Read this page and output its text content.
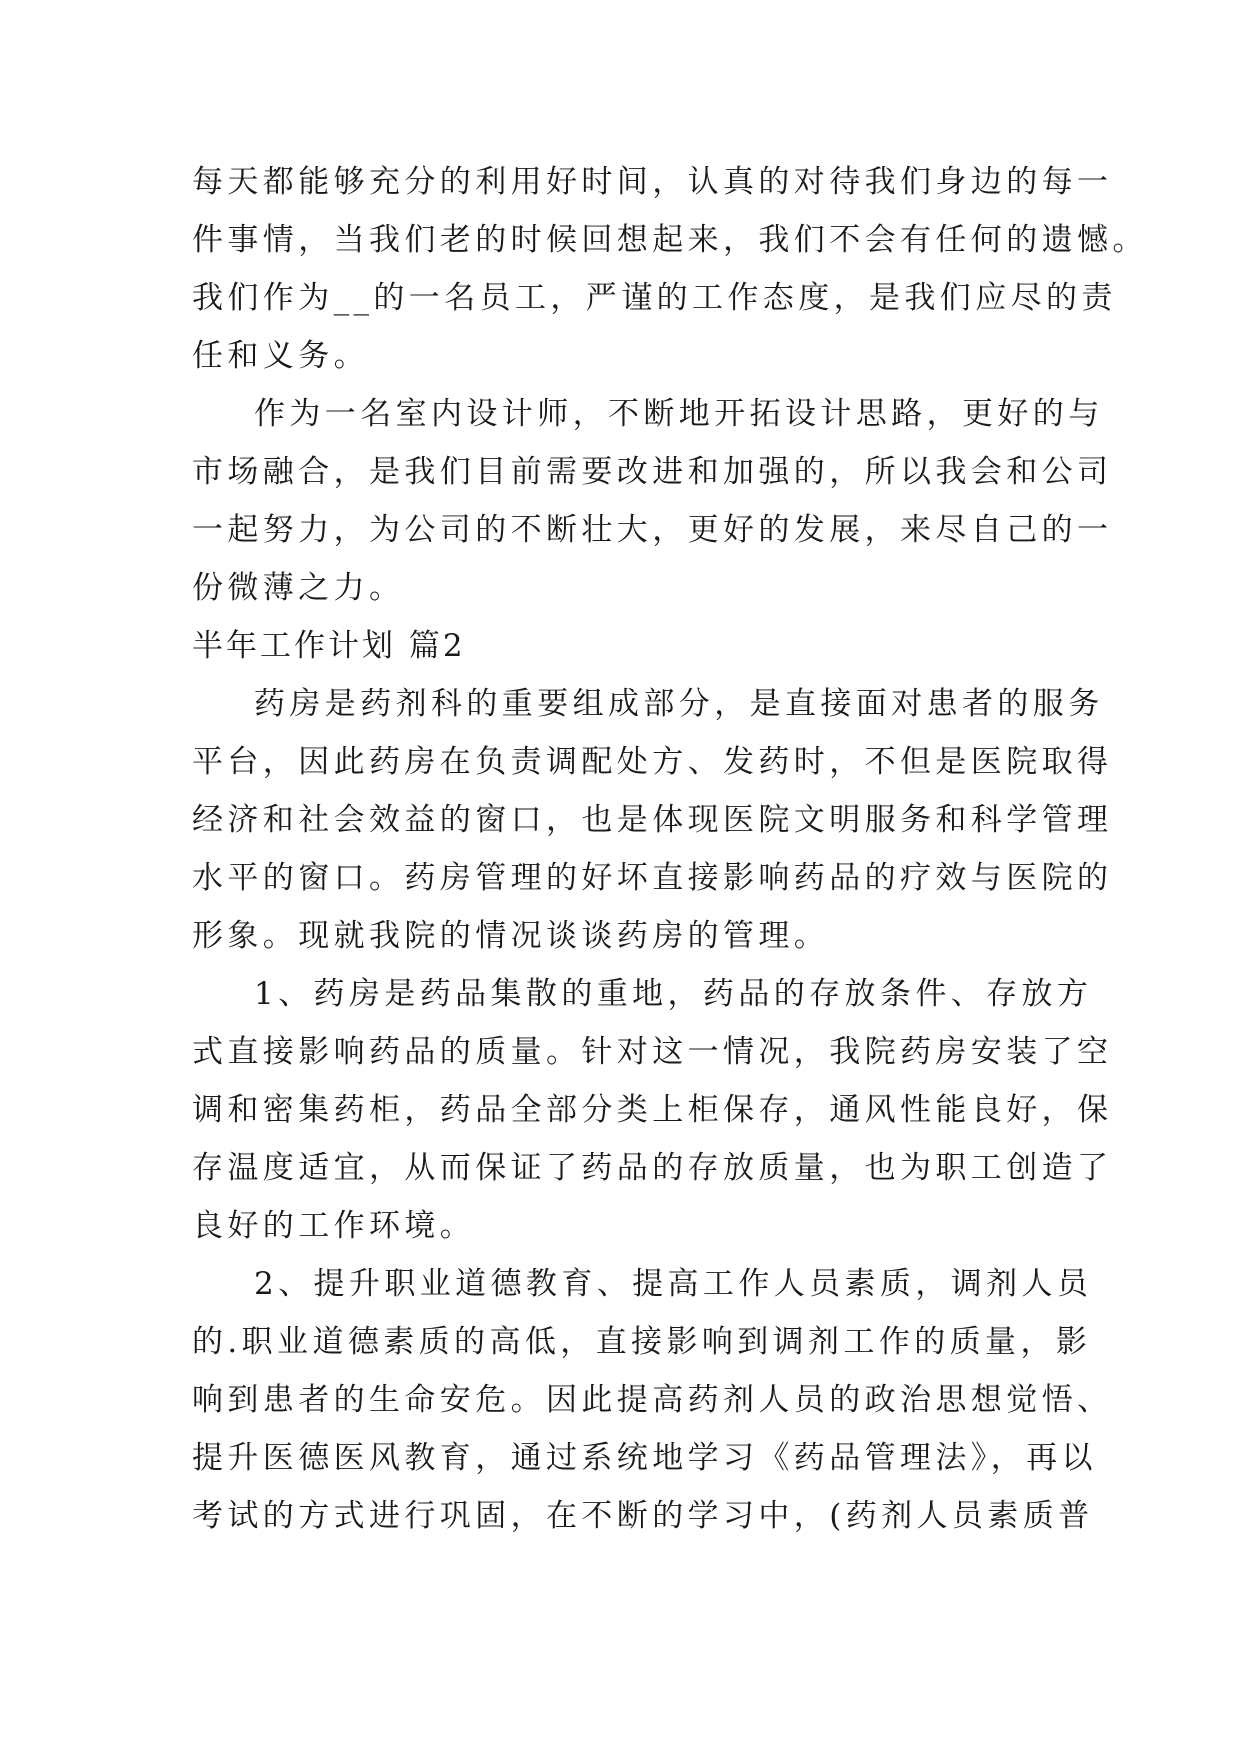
每天都能够充分的利用好时间，认真的对待我们身边的每一
件事情，当我们老的时候回想起来，我们不会有任何的遗憾。
我们作为__的一名员工，严谨的工作态度，是我们应尽的责
任和义务。
作为一名室内设计师，不断地开拓设计思路，更好的与
市场融合，是我们目前需要改进和加强的，所以我会和公司
一起努力，为公司的不断壮大，更好的发展，来尽自己的一
份微薄之力。
半年工作计划 篇2
药房是药剂科的重要组成部分，是直接面对患者的服务
平台，因此药房在负责调配处方、发药时，不但是医院取得
经济和社会效益的窗口，也是体现医院文明服务和科学管理
水平的窗口。药房管理的好坏直接影响药品的疗效与医院的
形象。现就我院的情况谈谈药房的管理。
1、药房是药品集散的重地，药品的存放条件、存放方
式直接影响药品的质量。针对这一情况，我院药房安装了空
调和密集药柜，药品全部分类上柜保存，通风性能良好，保
存温度适宜，从而保证了药品的存放质量，也为职工创造了
良好的工作环境。
2、提升职业道德教育、提高工作人员素质，调剂人员
的.职业道德素质的高低，直接影响到调剂工作的质量，影
响到患者的生命安危。因此提高药剂人员的政治思想觉悟、
提升医德医风教育，通过系统地学习《药品管理法》，再以
考试的方式进行巩固，在不断的学习中，(药剂人员素质普
